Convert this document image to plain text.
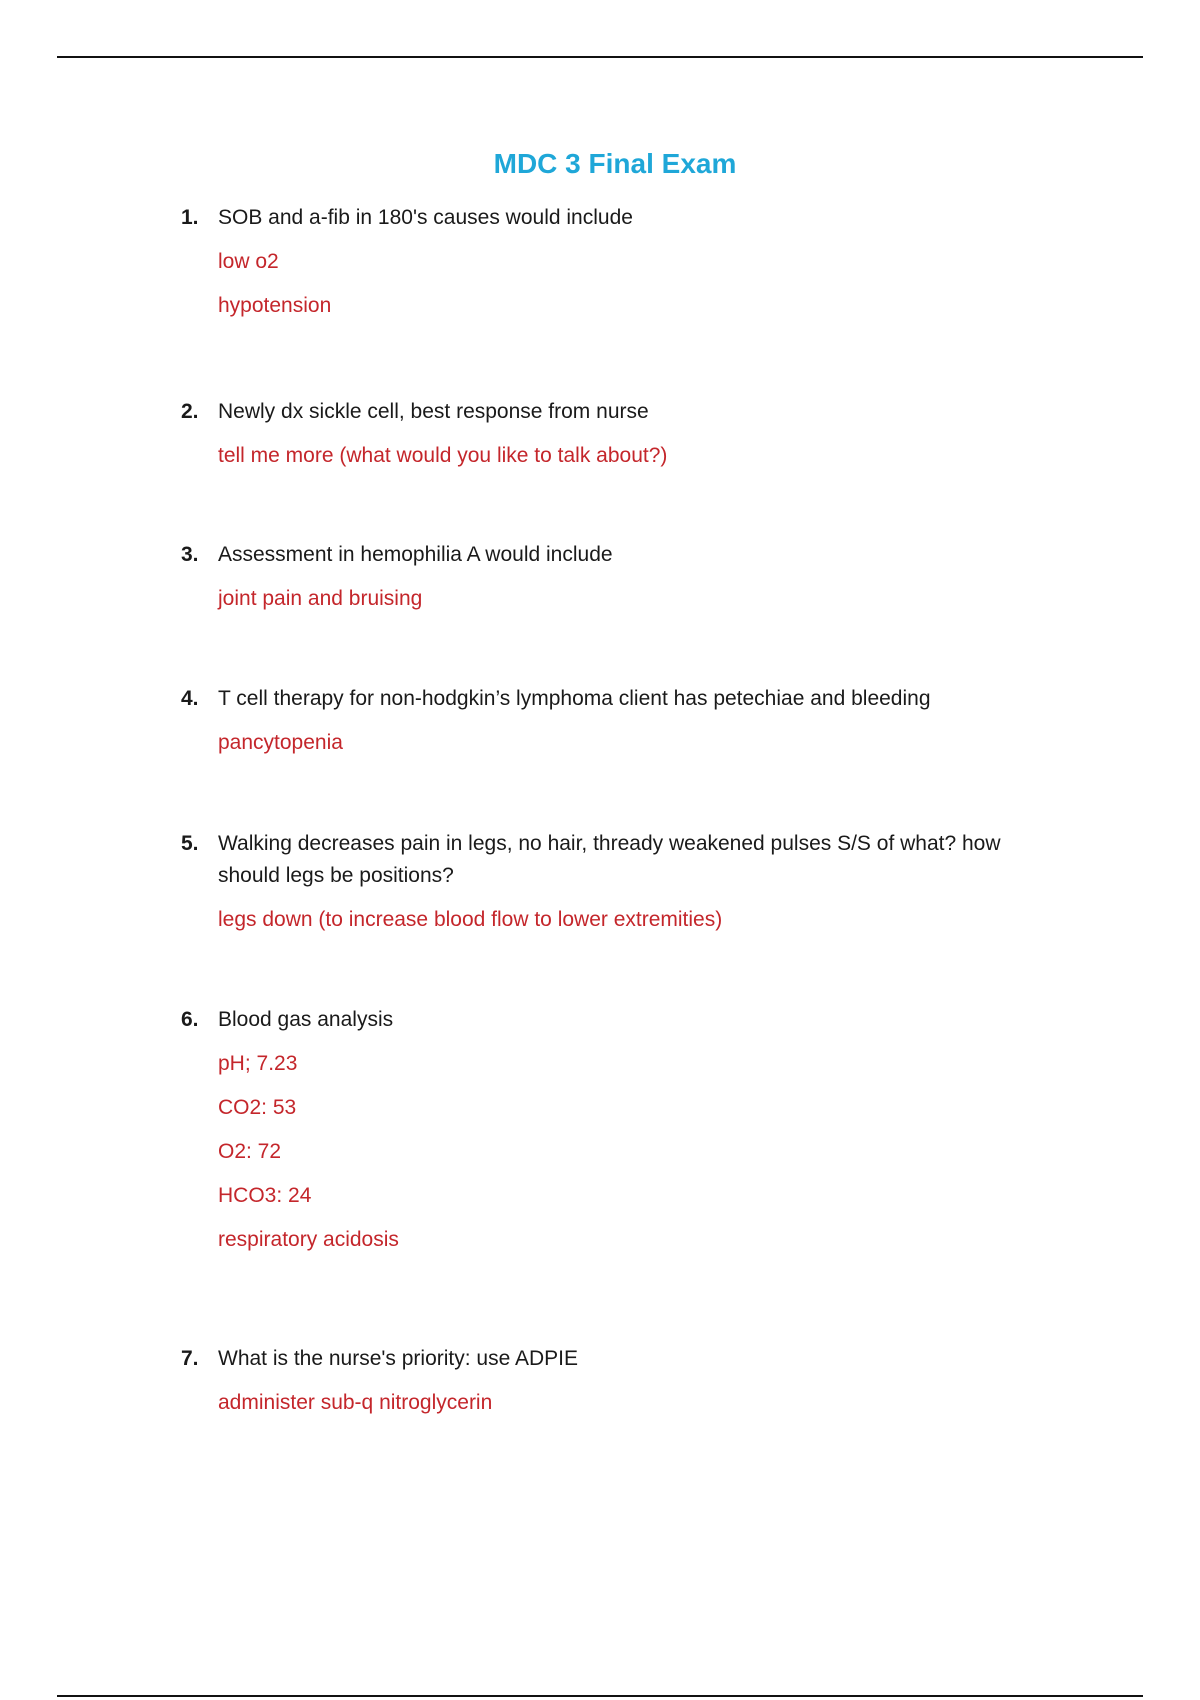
MDC 3 Final Exam
1. SOB and a-fib in 180's causes would include
low o2
hypotension
2. Newly dx sickle cell, best response from nurse
tell me more (what would you like to talk about?)
3. Assessment in hemophilia A would include
joint pain and bruising
4. T cell therapy for non-hodgkin’s lymphoma client has petechiae and bleeding
pancytopenia
5. Walking decreases pain in legs, no hair, thready weakened pulses S/S of what? how should legs be positions?
legs down (to increase blood flow to lower extremities)
6. Blood gas analysis
pH; 7.23
CO2: 53
O2: 72
HCO3: 24
respiratory acidosis
7. What is the nurse's priority: use ADPIE
administer sub-q nitroglycerin
